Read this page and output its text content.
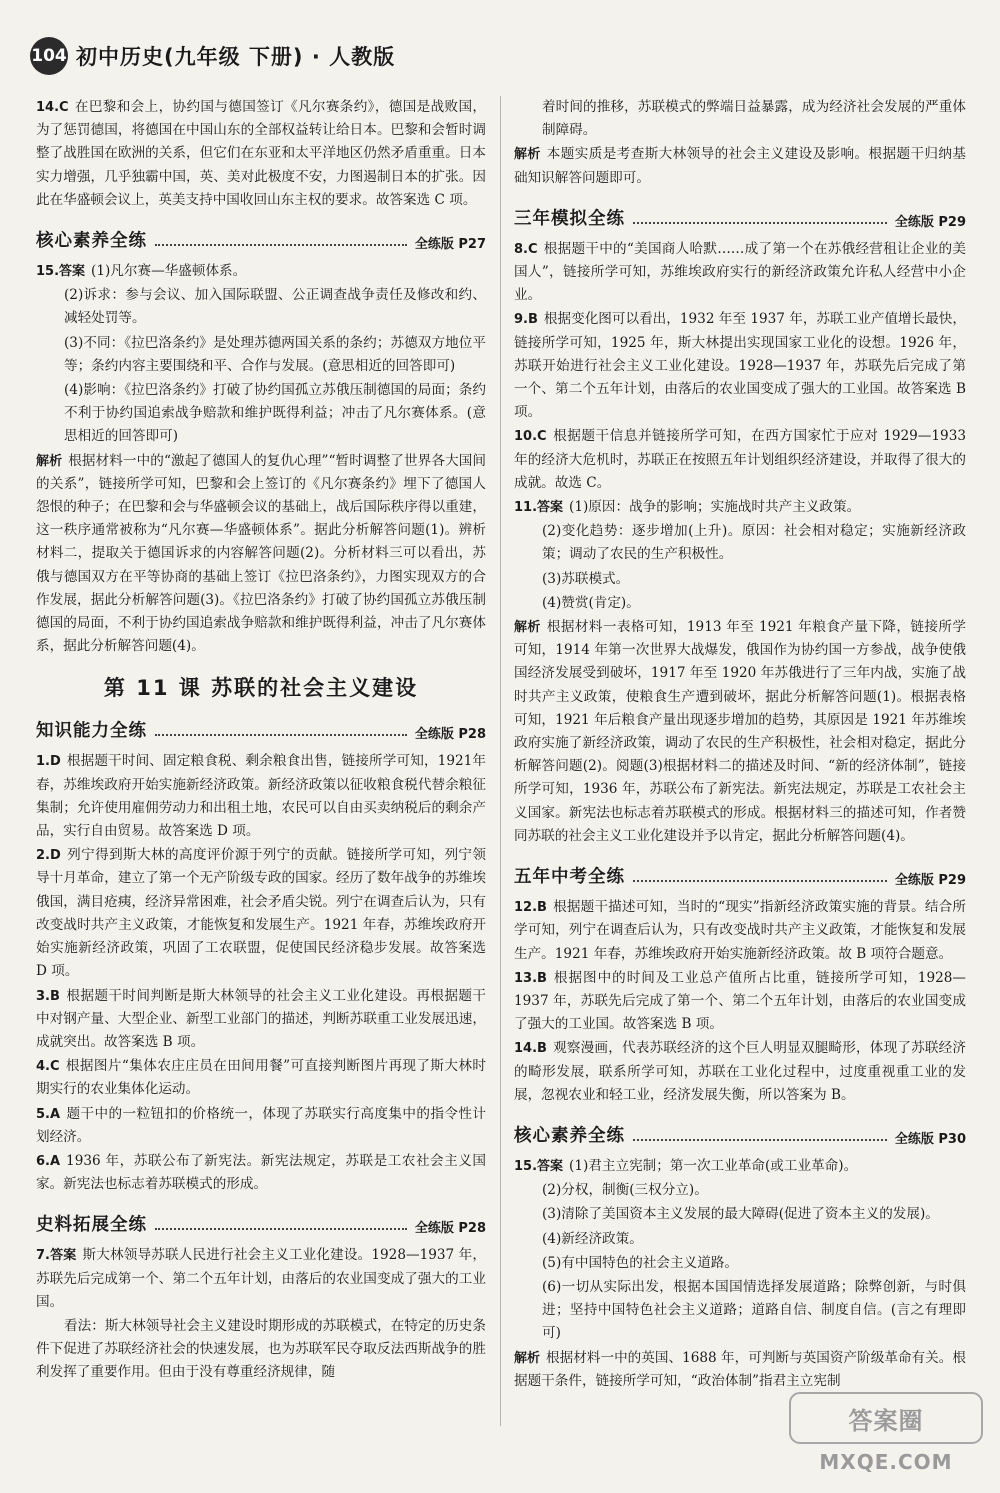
104 初中历史(九年级 下册) · 人教版

14.C 在巴黎和会上，协约国与德国签订《凡尔赛条约》，德国是战败国，为了惩罚德国，将德国在中国山东的全部权益转让给日本。巴黎和会暂时调整了战胜国在欧洲的关系，但它们在东亚和太平洋地区仍然矛盾重重。日本实力增强，几乎独霸中国，英、美对此极度不安，力图遏制日本的扩张。因此在华盛顿会议上，英美支持中国收回山东主权的要求。故答案选 C 项。

核心素养全练	全练版 P27

15.答案 (1)凡尔赛—华盛顿体系。

(2)诉求：参与会议、加入国际联盟、公正调查战争责任及修改和约、减轻处罚等。

(3)不同：《拉巴洛条约》是处理苏德两国关系的条约；苏德双方地位平等；条约内容主要围绕和平、合作与发展。(意思相近的回答即可)

(4)影响：《拉巴洛条约》打破了协约国孤立苏俄压制德国的局面；条约不利于协约国追索战争赔款和维护既得利益；冲击了凡尔赛体系。(意思相近的回答即可)

解析 根据材料一中的“激起了德国人的复仇心理”“暂时调整了世界各大国间的关系”，链接所学可知，巴黎和会上签订的《凡尔赛条约》埋下了德国人怨恨的种子；在巴黎和会与华盛顿会议的基础上，战后国际秩序得以重建，这一秩序通常被称为“凡尔赛—华盛顿体系”。据此分析解答问题(1)。辨析材料二，提取关于德国诉求的内容解答问题(2)。分析材料三可以看出，苏俄与德国双方在平等协商的基础上签订《拉巴洛条约》，力图实现双方的合作发展，据此分析解答问题(3)。《拉巴洛条约》打破了协约国孤立苏俄压制德国的局面，不利于协约国追索战争赔款和维护既得利益，冲击了凡尔赛体系，据此分析解答问题(4)。

第 11 课 苏联的社会主义建设
知识能力全练	全练版 P28

1.D 根据题干时间、固定粮食税、剩余粮食出售，链接所学可知，1921年春，苏维埃政府开始实施新经济政策。新经济政策以征收粮食税代替余粮征集制；允许使用雇佣劳动力和出租土地，农民可以自由买卖纳税后的剩余产品，实行自由贸易。故答案选 D 项。

2.D 列宁得到斯大林的高度评价源于列宁的贡献。链接所学可知，列宁领导十月革命，建立了第一个无产阶级专政的国家。经历了数年战争的苏维埃俄国，满目疮痍，经济异常困难，社会矛盾尖锐。列宁在调查后认为，只有改变战时共产主义政策，才能恢复和发展生产。1921 年春，苏维埃政府开始实施新经济政策，巩固了工农联盟，促使国民经济稳步发展。故答案选 D 项。

3.B 根据题干时间判断是斯大林领导的社会主义工业化建设。再根据题干中对钢产量、大型企业、新型工业部门的描述，判断苏联重工业发展迅速，成就突出。故答案选 B 项。

4.C 根据图片“集体农庄庄员在田间用餐”可直接判断图片再现了斯大林时期实行的农业集体化运动。

5.A 题干中的一粒钮扣的价格统一，体现了苏联实行高度集中的指令性计划经济。

6.A 1936 年，苏联公布了新宪法。新宪法规定，苏联是工农社会主义国家。新宪法也标志着苏联模式的形成。

史料拓展全练	全练版 P28

7.答案 斯大林领导苏联人民进行社会主义工业化建设。1928—1937 年，苏联先后完成第一个、第二个五年计划，由落后的农业国变成了强大的工业国。

看法：斯大林领导社会主义建设时期形成的苏联模式，在特定的历史条件下促进了苏联经济社会的快速发展，也为苏联军民夺取反法西斯战争的胜利发挥了重要作用。但由于没有尊重经济规律，随

着时间的推移，苏联模式的弊端日益暴露，成为经济社会发展的严重体制障碍。

解析 本题实质是考查斯大林领导的社会主义建设及影响。根据题干归纳基础知识解答问题即可。

三年模拟全练	全练版 P29

8.C 根据题干中的“美国商人哈默……成了第一个在苏俄经营租让企业的美国人”，链接所学可知，苏维埃政府实行的新经济政策允许私人经营中小企业。

9.B 根据变化图可以看出，1932 年至 1937 年，苏联工业产值增长最快，链接所学可知，1925 年，斯大林提出实现国家工业化的设想。1926 年，苏联开始进行社会主义工业化建设。1928—1937 年，苏联先后完成了第一个、第二个五年计划，由落后的农业国变成了强大的工业国。故答案选 B 项。

10.C 根据题干信息并链接所学可知，在西方国家忙于应对 1929—1933 年的经济大危机时，苏联正在按照五年计划组织经济建设，并取得了很大的成就。故选 C。

11.答案 (1)原因：战争的影响；实施战时共产主义政策。

(2)变化趋势：逐步增加(上升)。原因：社会相对稳定；实施新经济政策；调动了农民的生产积极性。

(3)苏联模式。

(4)赞赏(肯定)。

解析 根据材料一表格可知，1913 年至 1921 年粮食产量下降，链接所学可知，1914 年第一次世界大战爆发，俄国作为协约国一方参战，战争使俄国经济发展受到破坏，1917 年至 1920 年苏俄进行了三年内战，实施了战时共产主义政策，使粮食生产遭到破坏，据此分析解答问题(1)。根据表格可知，1921 年后粮食产量出现逐步增加的趋势，其原因是 1921 年苏维埃政府实施了新经济政策，调动了农民的生产积极性，社会相对稳定，据此分析解答问题(2)。阅题(3)根据材料二的描述及时间、“新的经济体制”，链接所学可知，1936 年，苏联公布了新宪法。新宪法规定，苏联是工农社会主义国家。新宪法也标志着苏联模式的形成。根据材料三的描述可知，作者赞同苏联的社会主义工业化建设并予以肯定，据此分析解答问题(4)。

五年中考全练	全练版 P29

12.B 根据题干描述可知，当时的“现实”指新经济政策实施的背景。结合所学可知，列宁在调查后认为，只有改变战时共产主义政策，才能恢复和发展生产。1921 年春，苏维埃政府开始实施新经济政策。故 B 项符合题意。

13.B 根据图中的时间及工业总产值所占比重，链接所学可知，1928—1937 年，苏联先后完成了第一个、第二个五年计划，由落后的农业国变成了强大的工业国。故答案选 B 项。

14.B 观察漫画，代表苏联经济的这个巨人明显双腿畸形，体现了苏联经济的畸形发展，联系所学可知，苏联在工业化过程中，过度重视重工业的发展，忽视农业和轻工业，经济发展失衡，所以答案为 B。

核心素养全练	全练版 P30

15.答案 (1)君主立宪制；第一次工业革命(或工业革命)。

(2)分权，制衡(三权分立)。

(3)清除了美国资本主义发展的最大障碍(促进了资本主义的发展)。

(4)新经济政策。

(5)有中国特色的社会主义道路。

(6)一切从实际出发，根据本国国情选择发展道路；除弊创新，与时俱进；坚持中国特色社会主义道路；道路自信、制度自信。(言之有理即可)

解析 根据材料一中的英国、1688 年，可判断与英国资产阶级革命有关。根据题干条件，链接所学可知，“政治体制”指君主立宪制

答案圈
MXQE.COM
